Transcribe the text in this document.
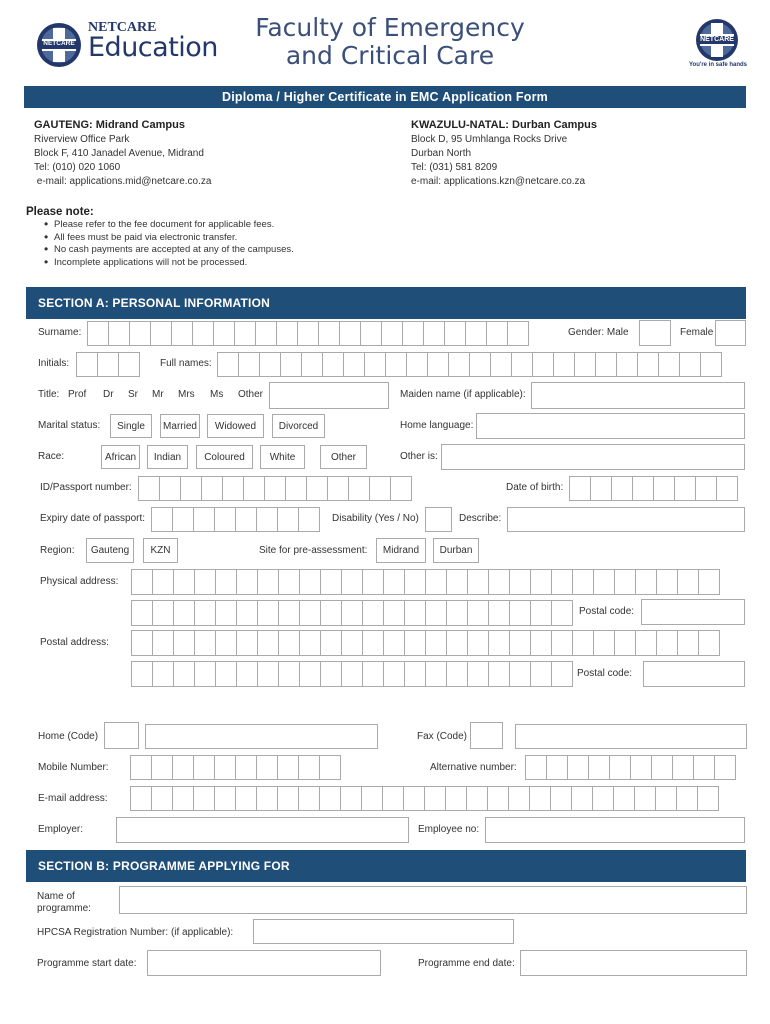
NETCARE
NETCARE
Education
Faculty of Emergency
and Critical Care
NETCARE
You're in safe hands
Diploma / Higher Certificate in EMC Application Form
GAUTENG: Midrand Campus
Riverview Office Park
Block F, 410 Janadel Avenue, Midrand
Tel: (010) 020 1060
e-mail: applications.mid@netcare.co.za
KWAZULU-NATAL: Durban Campus
Block D, 95 Umhlanga Rocks Drive
Durban North
Tel: (031) 581 8209
e-mail: applications.kzn@netcare.co.za
Please note:
• Please refer to the fee document for applicable fees.
• All fees must be paid via electronic transfer.
• No cash payments are accepted at any of the campuses.
• Incomplete applications will not be processed.
SECTION A: PERSONAL INFORMATION
Surname:	Gender: Male	Female
Initials:	Full names:
Title: Prof Dr Sr Mr Mrs Ms Other	Maiden name (if applicable):
Marital status:	Single	Married	Widowed	Divorced	Home language:
Race:	African	Indian	Coloured	White	Other	Other is:
ID/Passport number:	Date of birth:
Expiry date of passport:	Disability (Yes / No)	Describe:
Region:	Gauteng	KZN	Site for pre-assessment:	Midrand	Durban
Physical address:
Postal code:
Postal address:
Postal code:
Home (Code)	Fax (Code)
Mobile Number:	Alternative number:
E-mail address:
Employer:	Employee no:
SECTION B: PROGRAMME APPLYING FOR
Name of
programme:
HPCSA Registration Number: (if applicable):
Programme start date:	Programme end date:
